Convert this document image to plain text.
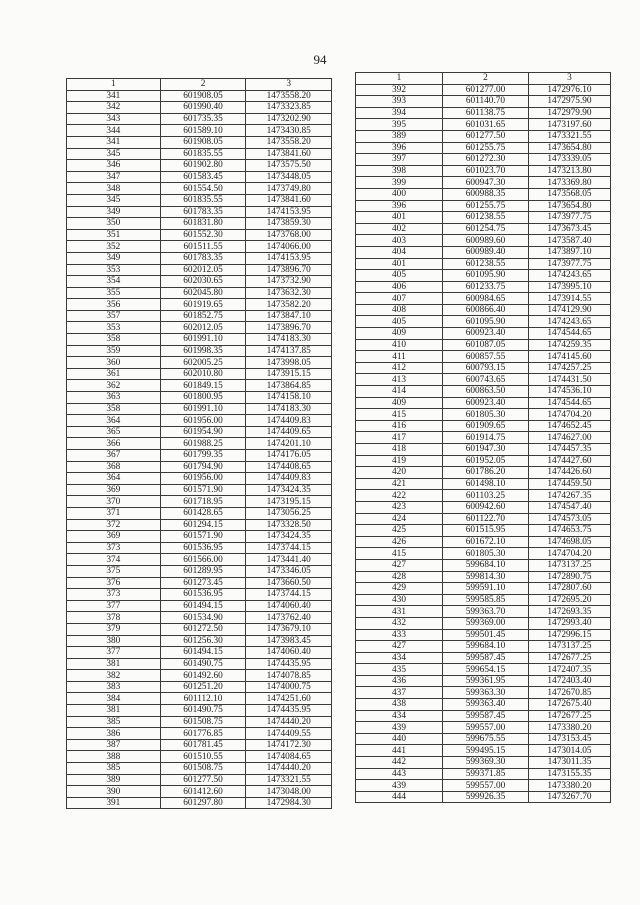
94
1	2	3
341	601908.05	1473558.20
342	601990.40	1473323.85
343	601735.35	1473202.90
344	601589.10	1473430.85
341	601908.05	1473558.20
345	601835.55	1473841.60
346	601902.80	1473575.50
347	601583.45	1473448.05
348	601554.50	1473749.80
345	601835.55	1473841.60
349	601783.35	1474153.95
350	601831.80	1473859.30
351	601552.30	1473768.00
352	601511.55	1474066.00
349	601783.35	1474153.95
353	602012.05	1473896.70
354	602030.65	1473732.90
355	602045.80	1473632.30
356	601919.65	1473582.20
357	601852.75	1473847.10
353	602012.05	1473896.70
358	601991.10	1474183.30
359	601998.35	1474137.85
360	602005.25	1473998.05
361	602010.80	1473915.15
362	601849.15	1473864.85
363	601800.95	1474158.10
358	601991.10	1474183.30
364	601956.00	1474409.83
365	601954.90	1474409.65
366	601988.25	1474201.10
367	601799.35	1474176.05
368	601794.90	1474408.65
364	601956.00	1474409.83
369	601571.90	1473424.35
370	601718.95	1473195.15
371	601428.65	1473056.25
372	601294.15	1473328.50
369	601571.90	1473424.35
373	601536.95	1473744.15
374	601566.00	1473441.40
375	601289.95	1473346.05
376	601273.45	1473660.50
373	601536.95	1473744.15
377	601494.15	1474060.40
378	601534.90	1473762.40
379	601272.50	1473679.10
380	601256.30	1473983.45
377	601494.15	1474060.40
381	601490.75	1474435.95
382	601492.60	1474078.85
383	601251.20	1474000.75
384	601112.10	1474251.60
381	601490.75	1474435.95
385	601508.75	1474440.20
386	601776.85	1474409.55
387	601781.45	1474172.30
388	601510.55	1474084.65
385	601508.75	1474440.20
389	601277.50	1473321.55
390	601412.60	1473048.00
391	601297.80	1472984.30
1	2	3
392	601277.00	1472976.10
393	601140.70	1472975.90
394	601138.75	1472979.90
395	601031.65	1473197.60
389	601277.50	1473321.55
396	601255.75	1473654.80
397	601272.30	1473339.05
398	601023.70	1473213.80
399	600947.30	1473369.80
400	600988.35	1473568.05
396	601255.75	1473654.80
401	601238.55	1473977.75
402	601254.75	1473673.45
403	600989.60	1473587.40
404	600989.40	1473897.10
401	601238.55	1473977.75
405	601095.90	1474243.65
406	601233.75	1473995.10
407	600984.65	1473914.55
408	600866.40	1474129.90
405	601095.90	1474243.65
409	600923.40	1474544.65
410	601087.05	1474259.35
411	600857.55	1474145.60
412	600793.15	1474257.25
413	600743.65	1474431.50
414	600863.50	1474536.10
409	600923.40	1474544.65
415	601805.30	1474704.20
416	601909.65	1474652.45
417	601914.75	1474627.00
418	601947.30	1474457.35
419	601952.05	1474427.60
420	601786.20	1474426.60
421	601498.10	1474459.50
422	601103.25	1474267.35
423	600942.60	1474547.40
424	601122.70	1474573.05
425	601515.95	1474653.75
426	601672.10	1474698.05
415	601805.30	1474704.20
427	599684.10	1473137.25
428	599814.30	1472890.75
429	599591.10	1472807.60
430	599585.85	1472695.20
431	599363.70	1472693.35
432	599369.00	1472993.40
433	599501.45	1472996.15
427	599684.10	1473137.25
434	599587.45	1472677.25
435	599654.15	1472407.35
436	599361.95	1472403.40
437	599363.30	1472670.85
438	599363.40	1472675.40
434	599587.45	1472677.25
439	599557.00	1473380.20
440	599675.55	1473153.45
441	599495.15	1473014.05
442	599369.30	1473011.35
443	599371.85	1473155.35
439	599557.00	1473380.20
444	599926.35	1473267.70
